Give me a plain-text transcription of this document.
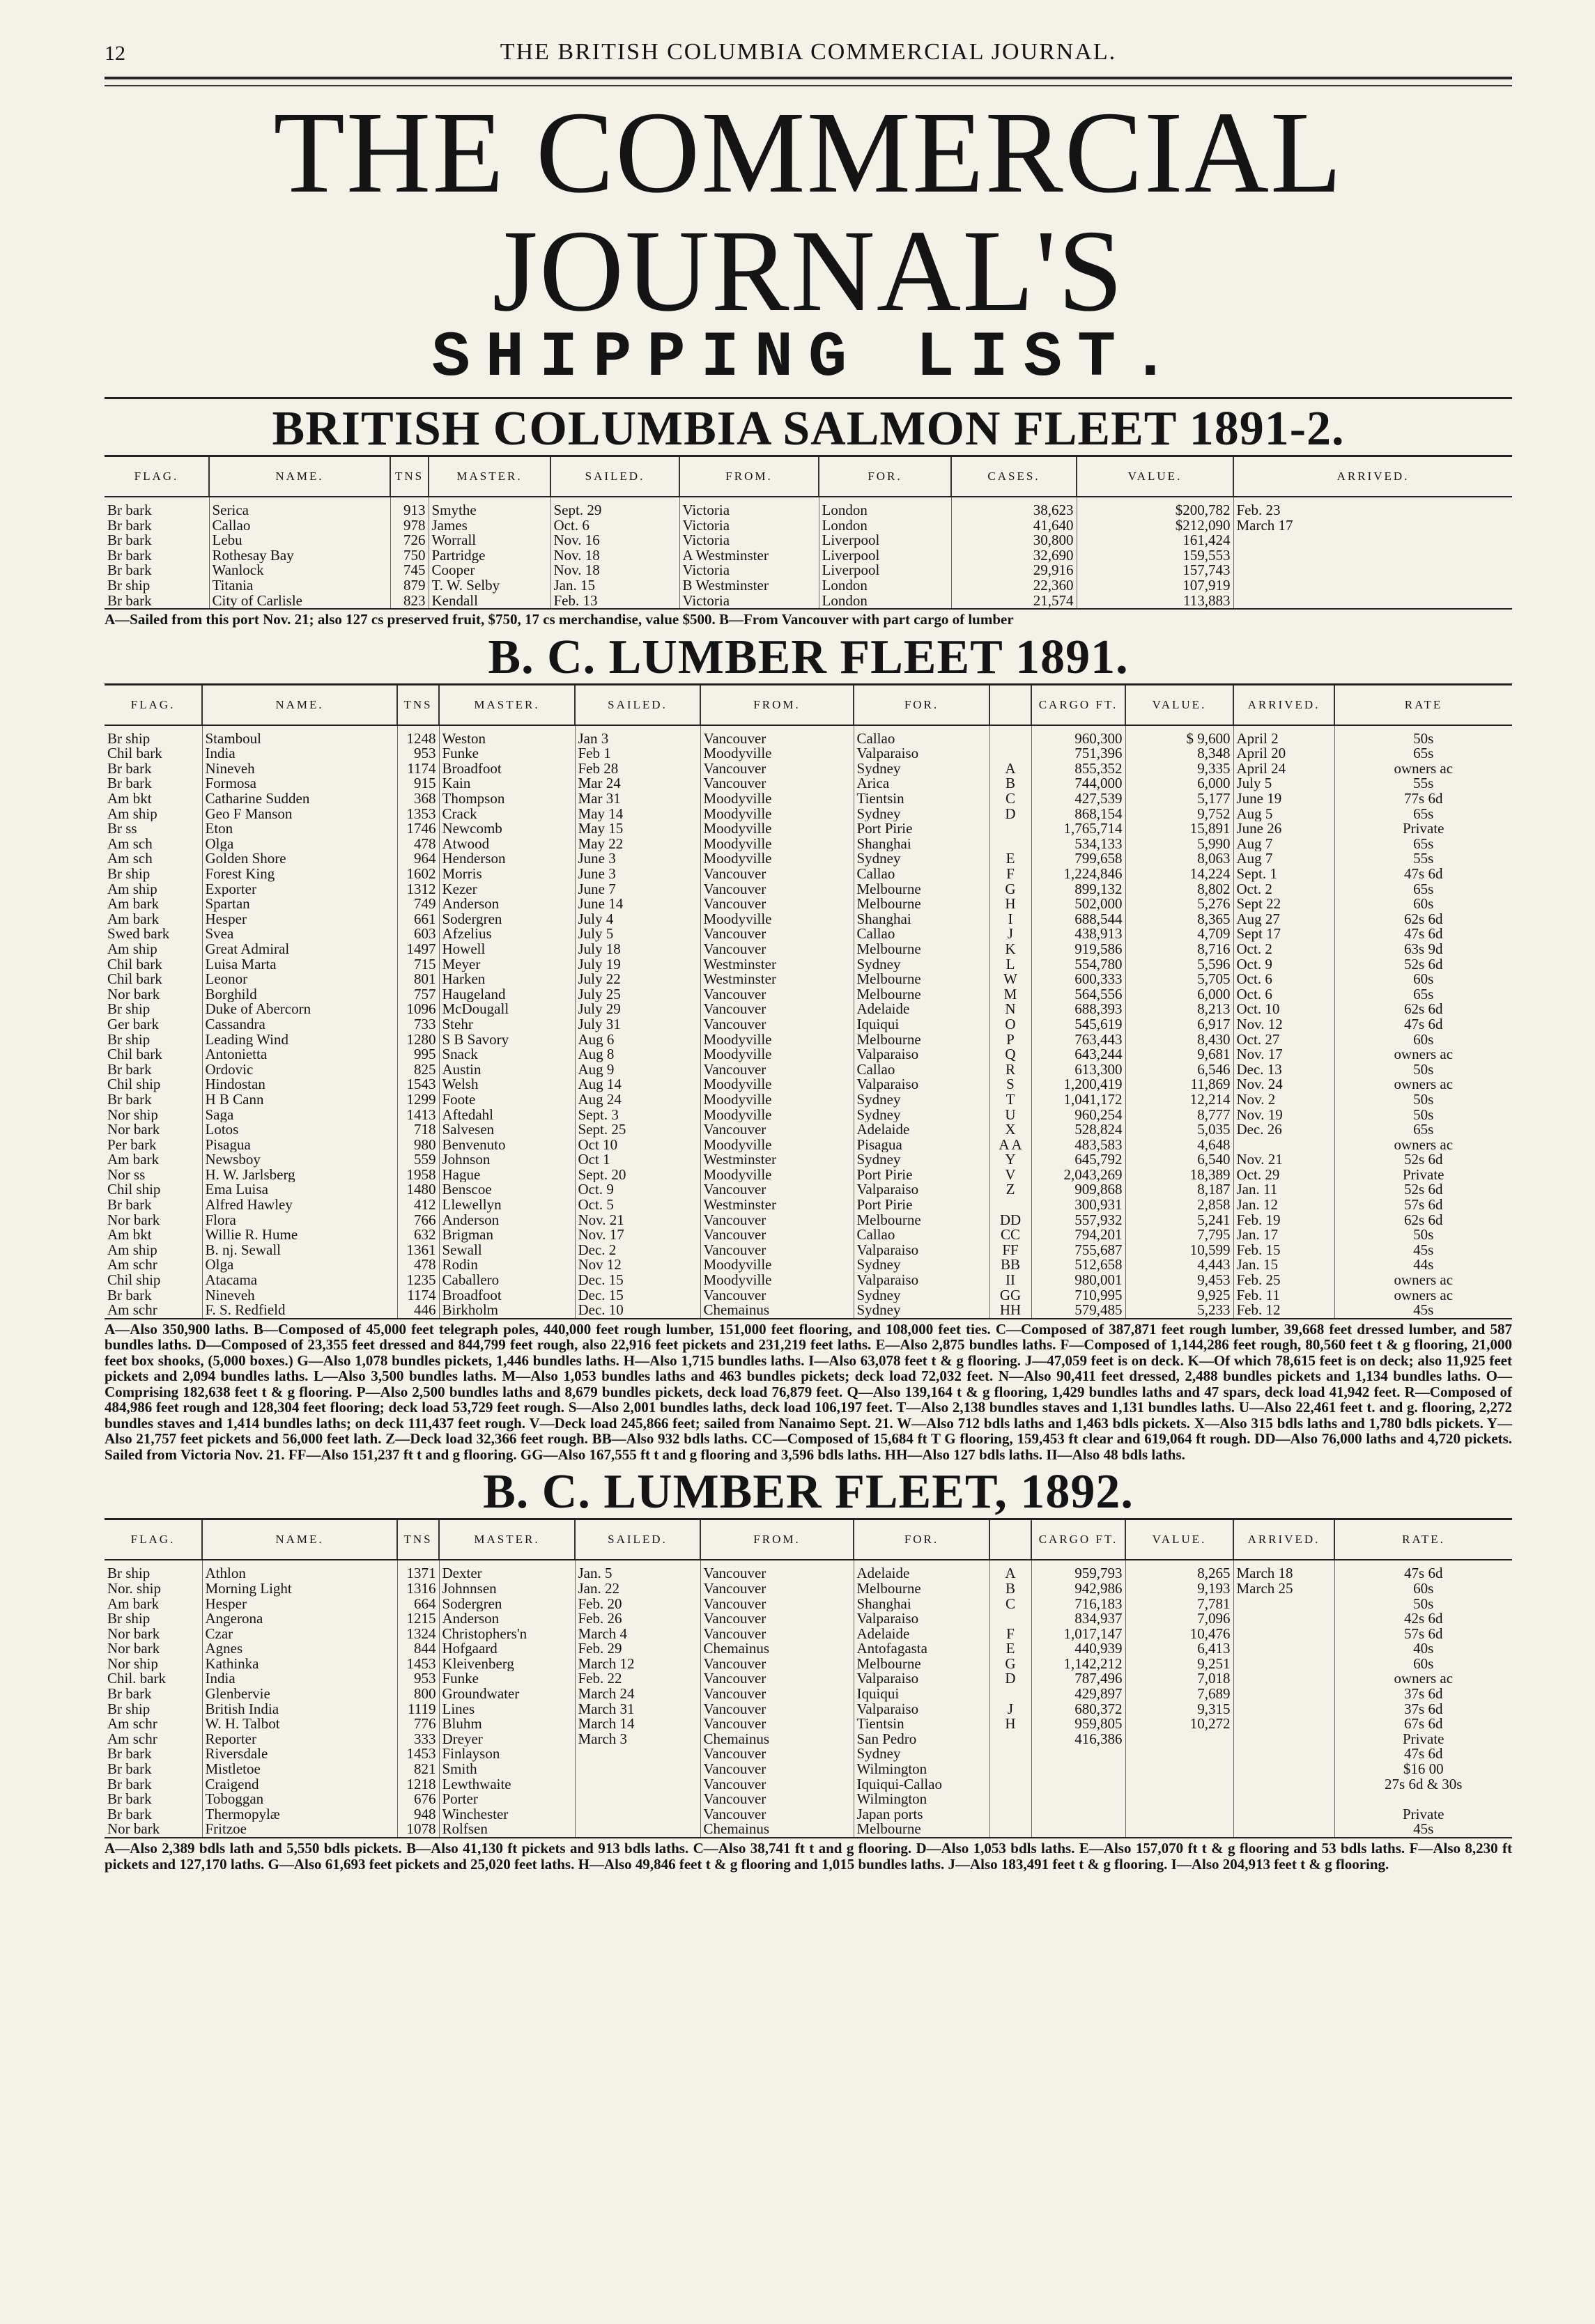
12	THE BRITISH COLUMBIA COMMERCIAL JOURNAL.
THE COMMERCIAL JOURNAL'S
SHIPPING LIST.
BRITISH COLUMBIA SALMON FLEET 1891-2.
FLAG.	NAME.	TNS	MASTER.	SAILED.	FROM.	FOR.	CASES.	VALUE.	ARRIVED.
Br bark	Serica	913	Smythe	Sept. 29	Victoria	London	38,623	$200,782	Feb. 23
Br bark	Callao	978	James	Oct. 6	Victoria	London	41,640	$212,090	March 17
Br bark	Lebu	726	Worrall	Nov. 16	Victoria	Liverpool	30,800	161,424	
Br bark	Rothesay Bay	750	Partridge	Nov. 18	A Westminster	Liverpool	32,690	159,553	
Br bark	Wanlock	745	Cooper	Nov. 18	Victoria	Liverpool	29,916	157,743	
Br ship	Titania	879	T. W. Selby	Jan. 15	B Westminster	London	22,360	107,919	
Br bark	City of Carlisle	823	Kendall	Feb. 13	Victoria	London	21,574	113,883	
A—Sailed from this port Nov. 21; also 127 cs preserved fruit, $750, 17 cs merchandise, value $500. B—From Vancouver with part cargo of lumber
B. C. LUMBER FLEET 1891.
FLAG.	NAME.	TNS	MASTER.	SAILED.	FROM.	FOR.		CARGO FT.	VALUE.	ARRIVED.	RATE
Br ship	Stamboul	1248	Weston	Jan 3	Vancouver	Callao		960,300	$ 9,600	April 2	50s
Chil bark	India	953	Funke	Feb 1	Moodyville	Valparaiso		751,396	8,348	April 20	65s
Br bark	Nineveh	1174	Broadfoot	Feb 28	Vancouver	Sydney	A	855,352	9,335	April 24	owners ac
Br bark	Formosa	915	Kain	Mar 24	Vancouver	Arica	B	744,000	6,000	July 5	55s
Am bkt	Catharine Sudden	368	Thompson	Mar 31	Moodyville	Tientsin	C	427,539	5,177	June 19	77s 6d
Am ship	Geo F Manson	1353	Crack	May 14	Moodyville	Sydney	D	868,154	9,752	Aug 5	65s
Br ss	Eton	1746	Newcomb	May 15	Moodyville	Port Pirie		1,765,714	15,891	June 26	Private
Am sch	Olga	478	Atwood	May 22	Moodyville	Shanghai		534,133	5,990	Aug 7	65s
Am sch	Golden Shore	964	Henderson	June 3	Moodyville	Sydney	E	799,658	8,063	Aug 7	55s
Br ship	Forest King	1602	Morris	June 3	Vancouver	Callao	F	1,224,846	14,224	Sept. 1	47s 6d
Am ship	Exporter	1312	Kezer	June 7	Vancouver	Melbourne	G	899,132	8,802	Oct. 2	65s
Am bark	Spartan	749	Anderson	June 14	Vancouver	Melbourne	H	502,000	5,276	Sept 22	60s
Am bark	Hesper	661	Sodergren	July 4	Moodyville	Shanghai	I	688,544	8,365	Aug 27	62s 6d
Swed bark	Svea	603	Afzelius	July 5	Vancouver	Callao	J	438,913	4,709	Sept 17	47s 6d
Am ship	Great Admiral	1497	Howell	July 18	Vancouver	Melbourne	K	919,586	8,716	Oct. 2	63s 9d
Chil bark	Luisa Marta	715	Meyer	July 19	Westminster	Sydney	L	554,780	5,596	Oct. 9	52s 6d
Chil bark	Leonor	801	Harken	July 22	Westminster	Melbourne	W	600,333	5,705	Oct. 6	60s
Nor bark	Borghild	757	Haugeland	July 25	Vancouver	Melbourne	M	564,556	6,000	Oct. 6	65s
Br ship	Duke of Abercorn	1096	McDougall	July 29	Vancouver	Adelaide	N	688,393	8,213	Oct. 10	62s 6d
Ger bark	Cassandra	733	Stehr	July 31	Vancouver	Iquiqui	O	545,619	6,917	Nov. 12	47s 6d
Br ship	Leading Wind	1280	S B Savory	Aug 6	Moodyville	Melbourne	P	763,443	8,430	Oct. 27	60s
Chil bark	Antonietta	995	Snack	Aug 8	Moodyville	Valparaiso	Q	643,244	9,681	Nov. 17	owners ac
Br bark	Ordovic	825	Austin	Aug 9	Vancouver	Callao	R	613,300	6,546	Dec. 13	50s
Chil ship	Hindostan	1543	Welsh	Aug 14	Moodyville	Valparaiso	S	1,200,419	11,869	Nov. 24	owners ac
Br bark	H B Cann	1299	Foote	Aug 24	Moodyville	Sydney	T	1,041,172	12,214	Nov. 2	50s
Nor ship	Saga	1413	Aftedahl	Sept. 3	Moodyville	Sydney	U	960,254	8,777	Nov. 19	50s
Nor bark	Lotos	718	Salvesen	Sept. 25	Vancouver	Adelaide	X	528,824	5,035	Dec. 26	65s
Per bark	Pisagua	980	Benvenuto	Oct 10	Moodyville	Pisagua	A A	483,583	4,648		owners ac
Am bark	Newsboy	559	Johnson	Oct 1	Westminster	Sydney	Y	645,792	6,540	Nov. 21	52s 6d
Nor ss	H. W. Jarlsberg	1958	Hague	Sept. 20	Moodyville	Port Pirie	V	2,043,269	18,389	Oct. 29	Private
Chil ship	Ema Luisa	1480	Benscoe	Oct. 9	Vancouver	Valparaiso	Z	909,868	8,187	Jan. 11	52s 6d
Br bark	Alfred Hawley	412	Llewellyn	Oct. 5	Westminster	Port Pirie		300,931	2,858	Jan. 12	57s 6d
Nor bark	Flora	766	Anderson	Nov. 21	Vancouver	Melbourne	DD	557,932	5,241	Feb. 19	62s 6d
Am bkt	Willie R. Hume	632	Brigman	Nov. 17	Vancouver	Callao	CC	794,201	7,795	Jan. 17	50s
Am ship	B. nj. Sewall	1361	Sewall	Dec. 2	Vancouver	Valparaiso	FF	755,687	10,599	Feb. 15	45s
Am schr	Olga	478	Rodin	Nov 12	Moodyville	Sydney	BB	512,658	4,443	Jan. 15	44s
Chil ship	Atacama	1235	Caballero	Dec. 15	Moodyville	Valparaiso	II	980,001	9,453	Feb. 25	owners ac
Br bark	Nineveh	1174	Broadfoot	Dec. 15	Vancouver	Sydney	GG	710,995	9,925	Feb. 11	owners ac
Am schr	F. S. Redfield	446	Birkholm	Dec. 10	Chemainus	Sydney	HH	579,485	5,233	Feb. 12	45s
A—Also 350,900 laths. B—Composed of 45,000 feet telegraph poles, 440,000 feet rough lumber, 151,000 feet flooring, and 108,000 feet ties. C—Composed of 387,871 feet rough lumber, 39,668 feet dressed lumber, and 587 bundles laths. D—Composed of 23,355 feet dressed and 844,799 feet rough, also 22,916 feet pickets and 231,219 feet laths. E—Also 2,875 bundles laths. F—Composed of 1,144,286 feet rough, 80,560 feet t & g flooring, 21,000 feet box shooks, (5,000 boxes.) G—Also 1,078 bundles pickets, 1,446 bundles laths. H—Also 1,715 bundles laths. I—Also 63,078 feet t & g flooring. J—47,059 feet is on deck. K—Of which 78,615 feet is on deck; also 11,925 feet pickets and 2,094 bundles laths. L—Also 3,500 bundles laths. M—Also 1,053 bundles laths and 463 bundles pickets; deck load 72,032 feet. N—Also 90,411 feet dressed, 2,488 bundles pickets and 1,134 bundles laths. O—Comprising 182,638 feet t & g flooring. P—Also 2,500 bundles laths and 8,679 bundles pickets, deck load 76,879 feet. Q—Also 139,164 t & g flooring, 1,429 bundles laths and 47 spars, deck load 41,942 feet. R—Composed of 484,986 feet rough and 128,304 feet flooring; deck load 53,729 feet rough. S—Also 2,001 bundles laths, deck load 106,197 feet. T—Also 2,138 bundles staves and 1,131 bundles laths. U—Also 22,461 feet t. and g. flooring, 2,272 bundles staves and 1,414 bundles laths; on deck 111,437 feet rough. V—Deck load 245,866 feet; sailed from Nanaimo Sept. 21. W—Also 712 bdls laths and 1,463 bdls pickets. X—Also 315 bdls laths and 1,780 bdls pickets. Y—Also 21,757 feet pickets and 56,000 feet lath. Z—Deck load 32,366 feet rough. BB—Also 932 bdls laths. CC—Composed of 15,684 ft T G flooring, 159,453 ft clear and 619,064 ft rough. DD—Also 76,000 laths and 4,720 pickets. Sailed from Victoria Nov. 21. FF—Also 151,237 ft t and g flooring. GG—Also 167,555 ft t and g flooring and 3,596 bdls laths. HH—Also 127 bdls laths. II—Also 48 bdls laths.
B. C. LUMBER FLEET, 1892.
FLAG.	NAME.	TNS	MASTER.	SAILED.	FROM.	FOR.		CARGO FT.	VALUE.	ARRIVED.	RATE.
Br ship	Athlon	1371	Dexter	Jan. 5	Vancouver	Adelaide	A	959,793	8,265	March 18	47s 6d
Nor. ship	Morning Light	1316	Johnnsen	Jan. 22	Vancouver	Melbourne	B	942,986	9,193	March 25	60s
Am bark	Hesper	664	Sodergren	Feb. 20	Vancouver	Shanghai	C	716,183	7,781		50s
Br ship	Angerona	1215	Anderson	Feb. 26	Vancouver	Valparaiso		834,937	7,096		42s 6d
Nor bark	Czar	1324	Christophers'n	March 4	Vancouver	Adelaide	F	1,017,147	10,476		57s 6d
Nor bark	Agnes	844	Hofgaard	Feb. 29	Chemainus	Antofagasta	E	440,939	6,413		40s
Nor ship	Kathinka	1453	Kleivenberg	March 12	Vancouver	Melbourne	G	1,142,212	9,251		60s
Chil. bark	India	953	Funke	Feb. 22	Vancouver	Valparaiso	D	787,496	7,018		owners ac
Br bark	Glenbervie	800	Groundwater	March 24	Vancouver	Iquiqui		429,897	7,689		37s 6d
Br ship	British India	1119	Lines	March 31	Vancouver	Valparaiso	J	680,372	9,315		37s 6d
Am schr	W. H. Talbot	776	Bluhm	March 14	Vancouver	Tientsin	H	959,805	10,272		67s 6d
Am schr	Reporter	333	Dreyer	March 3	Chemainus	San Pedro		416,386			Private
Br bark	Riversdale	1453	Finlayson		Vancouver	Sydney					47s 6d
Br bark	Mistletoe	821	Smith		Vancouver	Wilmington					$16 00
Br bark	Craigend	1218	Lewthwaite		Vancouver	Iquiqui-Callao					27s 6d & 30s
Br bark	Toboggan	676	Porter		Vancouver	Wilmington					
Br bark	Thermopylæ	948	Winchester		Vancouver	Japan ports					Private
Nor bark	Fritzoe	1078	Rolfsen		Chemainus	Melbourne					45s
A—Also 2,389 bdls lath and 5,550 bdls pickets. B—Also 41,130 ft pickets and 913 bdls laths. C—Also 38,741 ft t and g flooring. D—Also 1,053 bdls laths. E—Also 157,070 ft t & g flooring and 53 bdls laths. F—Also 8,230 ft pickets and 127,170 laths. G—Also 61,693 feet pickets and 25,020 feet laths. H—Also 49,846 feet t & g flooring and 1,015 bundles laths. J—Also 183,491 feet t & g flooring. I—Also 204,913 feet t & g flooring.
